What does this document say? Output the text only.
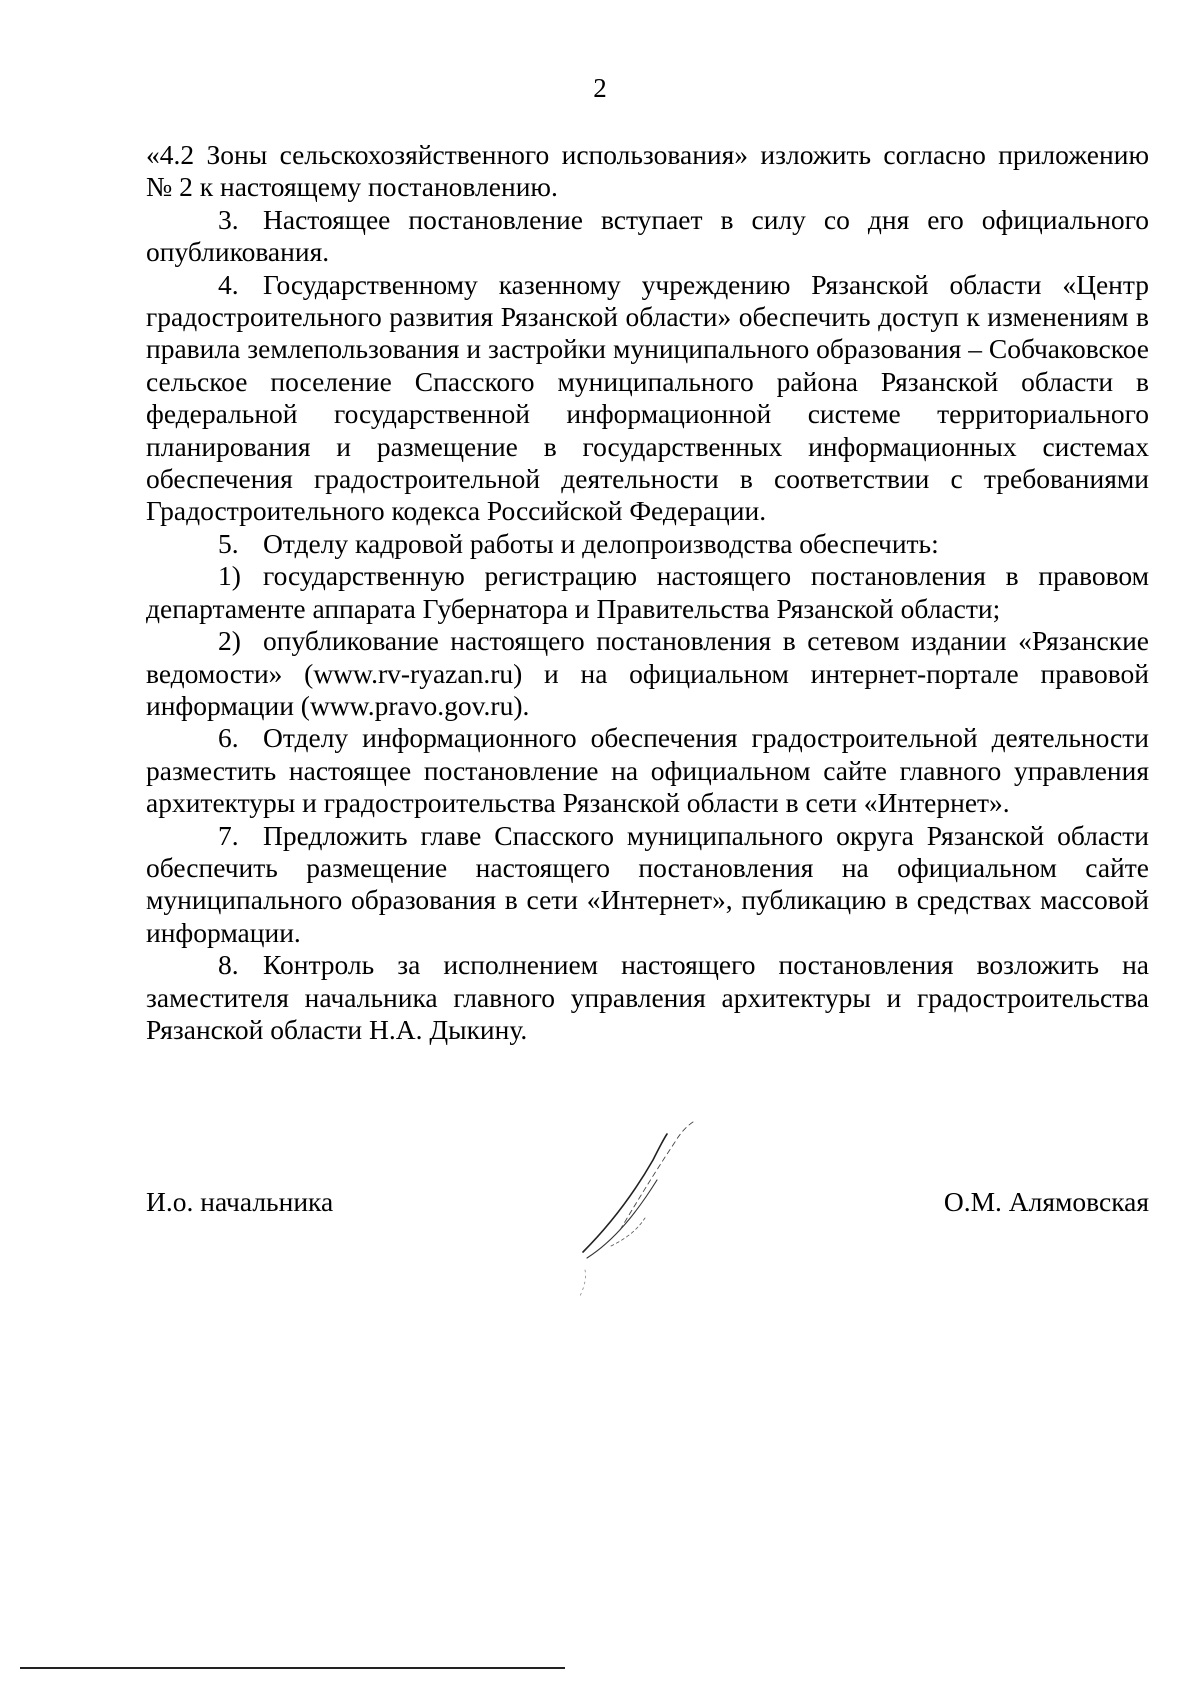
2

«4.2 Зоны сельскохозяйственного использования» изложить согласно приложению № 2 к настоящему постановлению.

3. Настоящее постановление вступает в силу со дня его официального опубликования.

4. Государственному казенному учреждению Рязанской области «Центр градостроительного развития Рязанской области» обеспечить доступ к изменениям в правила землепользования и застройки муниципального образования – Собчаковское сельское поселение Спасского муниципального района Рязанской области в федеральной государственной информационной системе территориального планирования и размещение в государственных информационных системах обеспечения градостроительной деятельности в соответствии с требованиями Градостроительного кодекса Российской Федерации.

5. Отделу кадровой работы и делопроизводства обеспечить:

1) государственную регистрацию настоящего постановления в правовом департаменте аппарата Губернатора и Правительства Рязанской области;

2) опубликование настоящего постановления в сетевом издании «Рязанские ведомости» (www.rv-ryazan.ru) и на официальном интернет-портале правовой информации (www.pravo.gov.ru).

6. Отделу информационного обеспечения градостроительной деятельности разместить настоящее постановление на официальном сайте главного управления архитектуры и градостроительства Рязанской области в сети «Интернет».

7. Предложить главе Спасского муниципального округа Рязанской области обеспечить размещение настоящего постановления на официальном сайте муниципального образования в сети «Интернет», публикацию в средствах массовой информации.

8. Контроль за исполнением настоящего постановления возложить на заместителя начальника главного управления архитектуры и градостроительства Рязанской области Н.А. Дыкину.

И.о. начальника	О.М. Алямовская
